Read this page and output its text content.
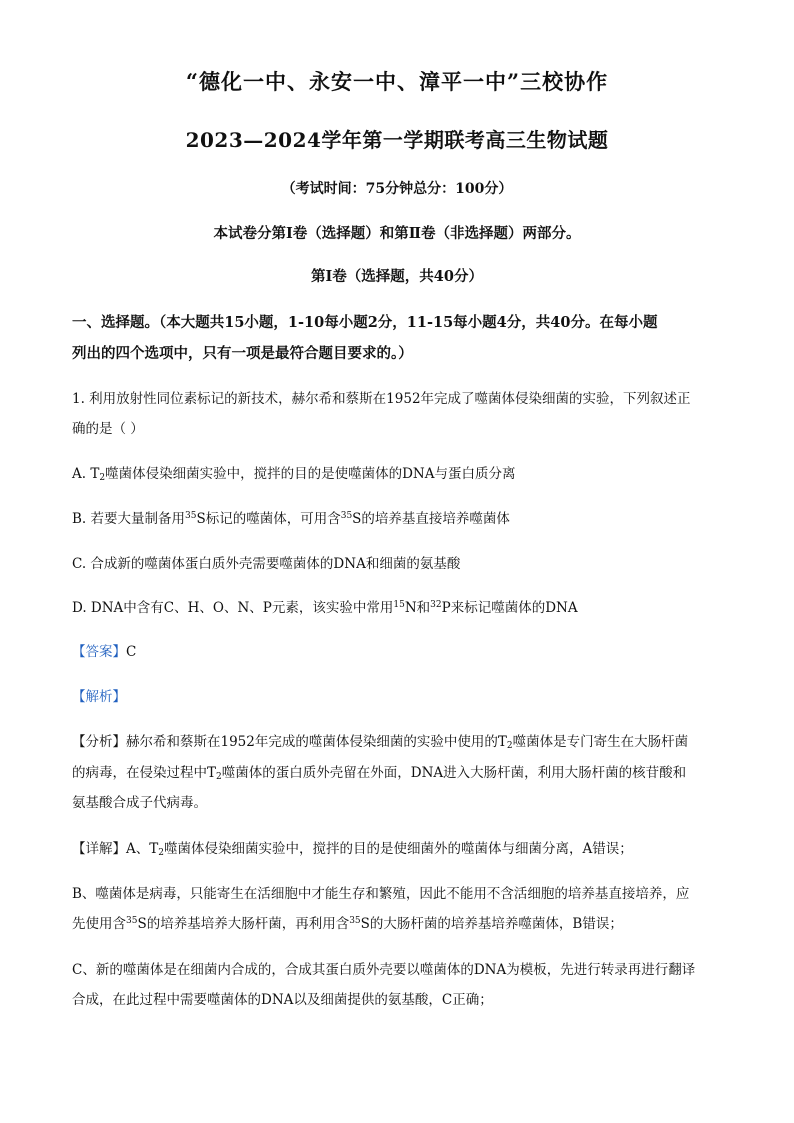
“德化一中、永安一中、漳平一中”三校协作
2023—2024学年第一学期联考高三生物试题
（考试时间：75分钟总分：100分）
本试卷分第Ⅰ卷（选择题）和第Ⅱ卷（非选择题）两部分。
第Ⅰ卷（选择题，共40分）
一、选择题。（本大题共15小题，1-10每小题2分，11-15每小题4分，共40分。在每小题
列出的四个选项中，只有一项是最符合题目要求的。）
1. 利用放射性同位素标记的新技术，赫尔希和蔡斯在1952年完成了噬菌体侵染细菌的实验，下列叙述正
确的是（ ）
A. $T_2$噬菌体侵染细菌实验中，搅拌的目的是使噬菌体的DNA与蛋白质分离
B. 若要大量制备用$^{35}$S标记的噬菌体，可用含$^{35}$S的培养基直接培养噬菌体
C. 合成新的噬菌体蛋白质外壳需要噬菌体的DNA和细菌的氨基酸
D. DNA中含有C、H、O、N、P元素，该实验中常用$^{15}$N和$^{32}$P来标记噬菌体的DNA
【答案】C
【解析】
【分析】赫尔希和蔡斯在1952年完成的噬菌体侵染细菌的实验中使用的$T_2$噬菌体是专门寄生在大肠杆菌
的病毒，在侵染过程中$T_2$噬菌体的蛋白质外壳留在外面，DNA进入大肠杆菌，利用大肠杆菌的核苷酸和
氨基酸合成子代病毒。
【详解】A、$T_2$噬菌体侵染细菌实验中，搅拌的目的是使细菌外的噬菌体与细菌分离，A错误；
B、噬菌体是病毒，只能寄生在活细胞中才能生存和繁殖，因此不能用不含活细胞的培养基直接培养，应
先使用含$^{35}$S的培养基培养大肠杆菌，再利用含$^{35}$S的大肠杆菌的培养基培养噬菌体，B错误；
C、新的噬菌体是在细菌内合成的，合成其蛋白质外壳要以噬菌体的DNA为模板，先进行转录再进行翻译
合成，在此过程中需要噬菌体的DNA以及细菌提供的氨基酸，C正确；
